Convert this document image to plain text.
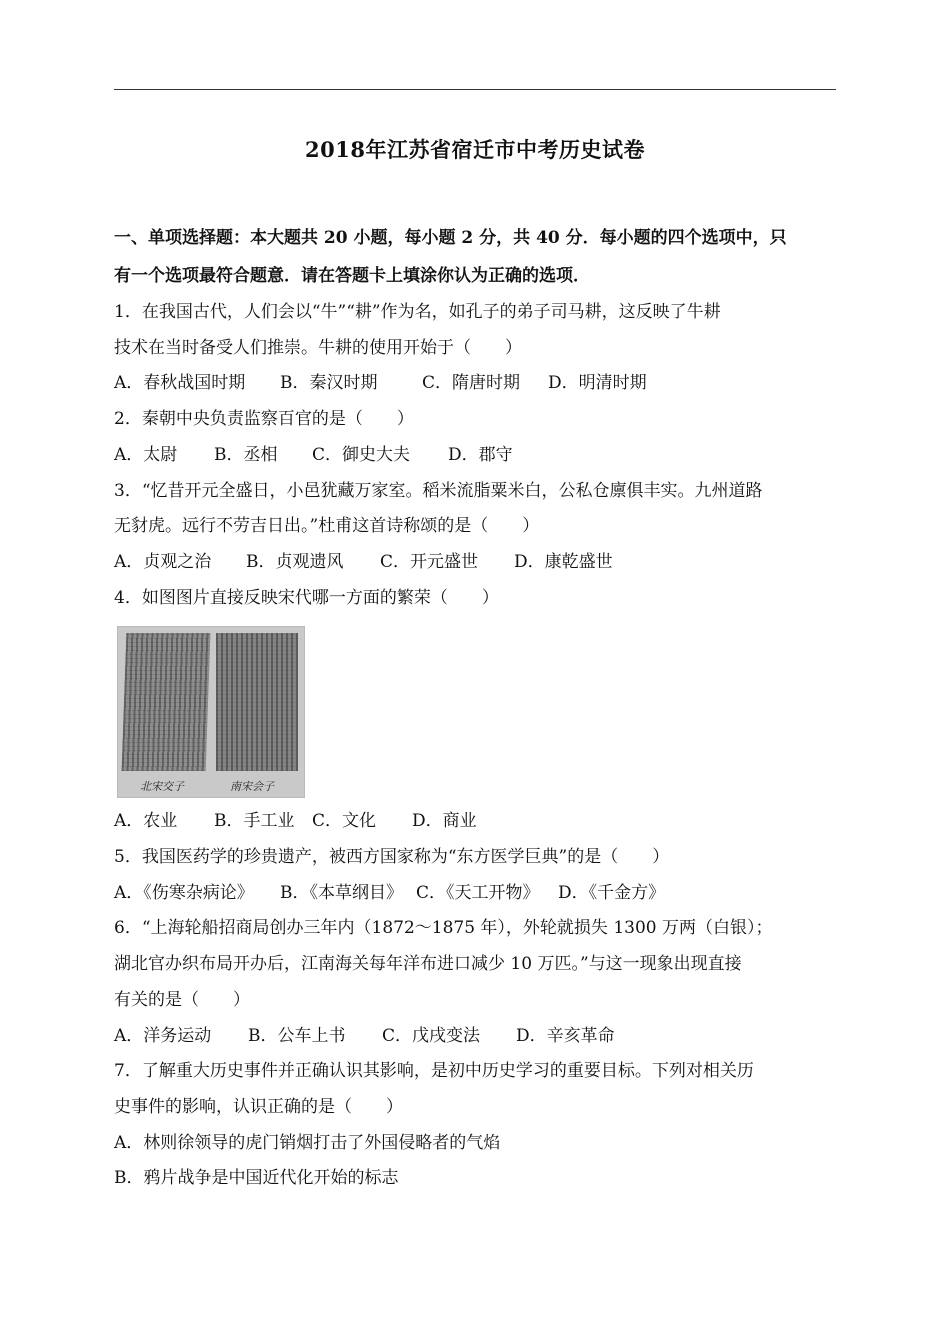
2018年江苏省宿迁市中考历史试卷
一、单项选择题：本大题共 20 小题，每小题 2 分，共 40 分．每小题的四个选项中，只
有一个选项最符合题意．请在答题卡上填涂你认为正确的选项．
1．在我国古代，人们会以“牛”“耕”作为名，如孔子的弟子司马耕，这反映了牛耕
技术在当时备受人们推崇。牛耕的使用开始于（　　）
A．春秋战国时期	B．秦汉时期	C．隋唐时期	D．明清时期
2．秦朝中央负责监察百官的是（　　）
A．太尉	B．丞相	C．御史大夫	D．郡守
3．“忆昔开元全盛日，小邑犹藏万家室。稻米流脂粟米白，公私仓廪俱丰实。九州道路
无豺虎。远行不劳吉日出。”杜甫这首诗称颂的是（　　）
A．贞观之治	B．贞观遗风	C．开元盛世	D．康乾盛世
4．如图图片直接反映宋代哪一方面的繁荣（　　）
北宋交子	南宋会子
A．农业	B．手工业	C．文化	D．商业
5．我国医药学的珍贵遗产，被西方国家称为“东方医学巨典”的是（　　）
A．《伤寒杂病论》	B．《本草纲目》 C．《天工开物》	D．《千金方》
6．“上海轮船招商局创办三年内（1872～1875 年），外轮就损失 1300 万两（白银）；
湖北官办织布局开办后，江南海关每年洋布进口减少 10 万匹。”与这一现象出现直接
有关的是（　　）
A．洋务运动	B．公车上书	C．戊戌变法	D．辛亥革命
7．了解重大历史事件并正确认识其影响，是初中历史学习的重要目标。下列对相关历
史事件的影响，认识正确的是（　　）
A．林则徐领导的虎门销烟打击了外国侵略者的气焰
B．鸦片战争是中国近代化开始的标志
